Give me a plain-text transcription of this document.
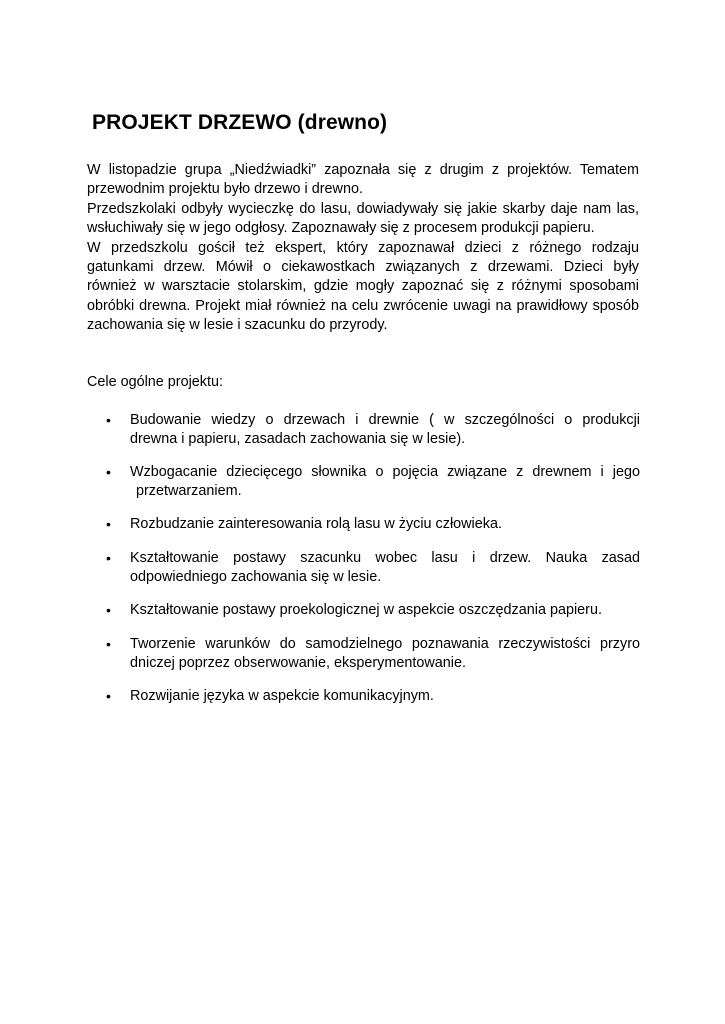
PROJEKT DRZEWO (drewno)
W listopadzie grupa „Niedźwiadki” zapoznała się z drugim z projektów. Tematem
przewodnim projektu było drzewo i drewno.
Przedszkolaki odbyły wycieczkę do lasu, dowiadywały się jakie skarby daje nam las,
wsłuchiwały się w jego odgłosy. Zapoznawały się z procesem produkcji papieru.
W przedszkolu gościł też ekspert, który zapoznawał dzieci z różnego rodzaju
gatunkami drzew. Mówił o ciekawostkach związanych z drzewami. Dzieci były
również w warsztacie stolarskim, gdzie mogły zapoznać się z różnymi sposobami
obróbki drewna. Projekt miał również na celu zwrócenie uwagi na prawidłowy sposób
zachowania się w lesie i szacunku do przyrody.

Cele ogólne projektu:

•	Budowanie wiedzy o drzewach i drewnie ( w szczególności o produkcji
drewna i papieru, zasadach zachowania się w lesie).
•	Wzbogacanie dziecięcego słownika o pojęcia związane z drewnem i jego
przetwarzaniem.
•	Rozbudzanie zainteresowania rolą lasu w życiu człowieka.
•	Kształtowanie postawy szacunku wobec lasu i drzew. Nauka zasad
odpowiedniego zachowania się w lesie.
•	Kształtowanie postawy proekologicznej w aspekcie oszczędzania papieru.
•	Tworzenie warunków do samodzielnego poznawania rzeczywistości przyro
dniczej poprzez obserwowanie, eksperymentowanie.
•	Rozwijanie języka w aspekcie komunikacyjnym.
